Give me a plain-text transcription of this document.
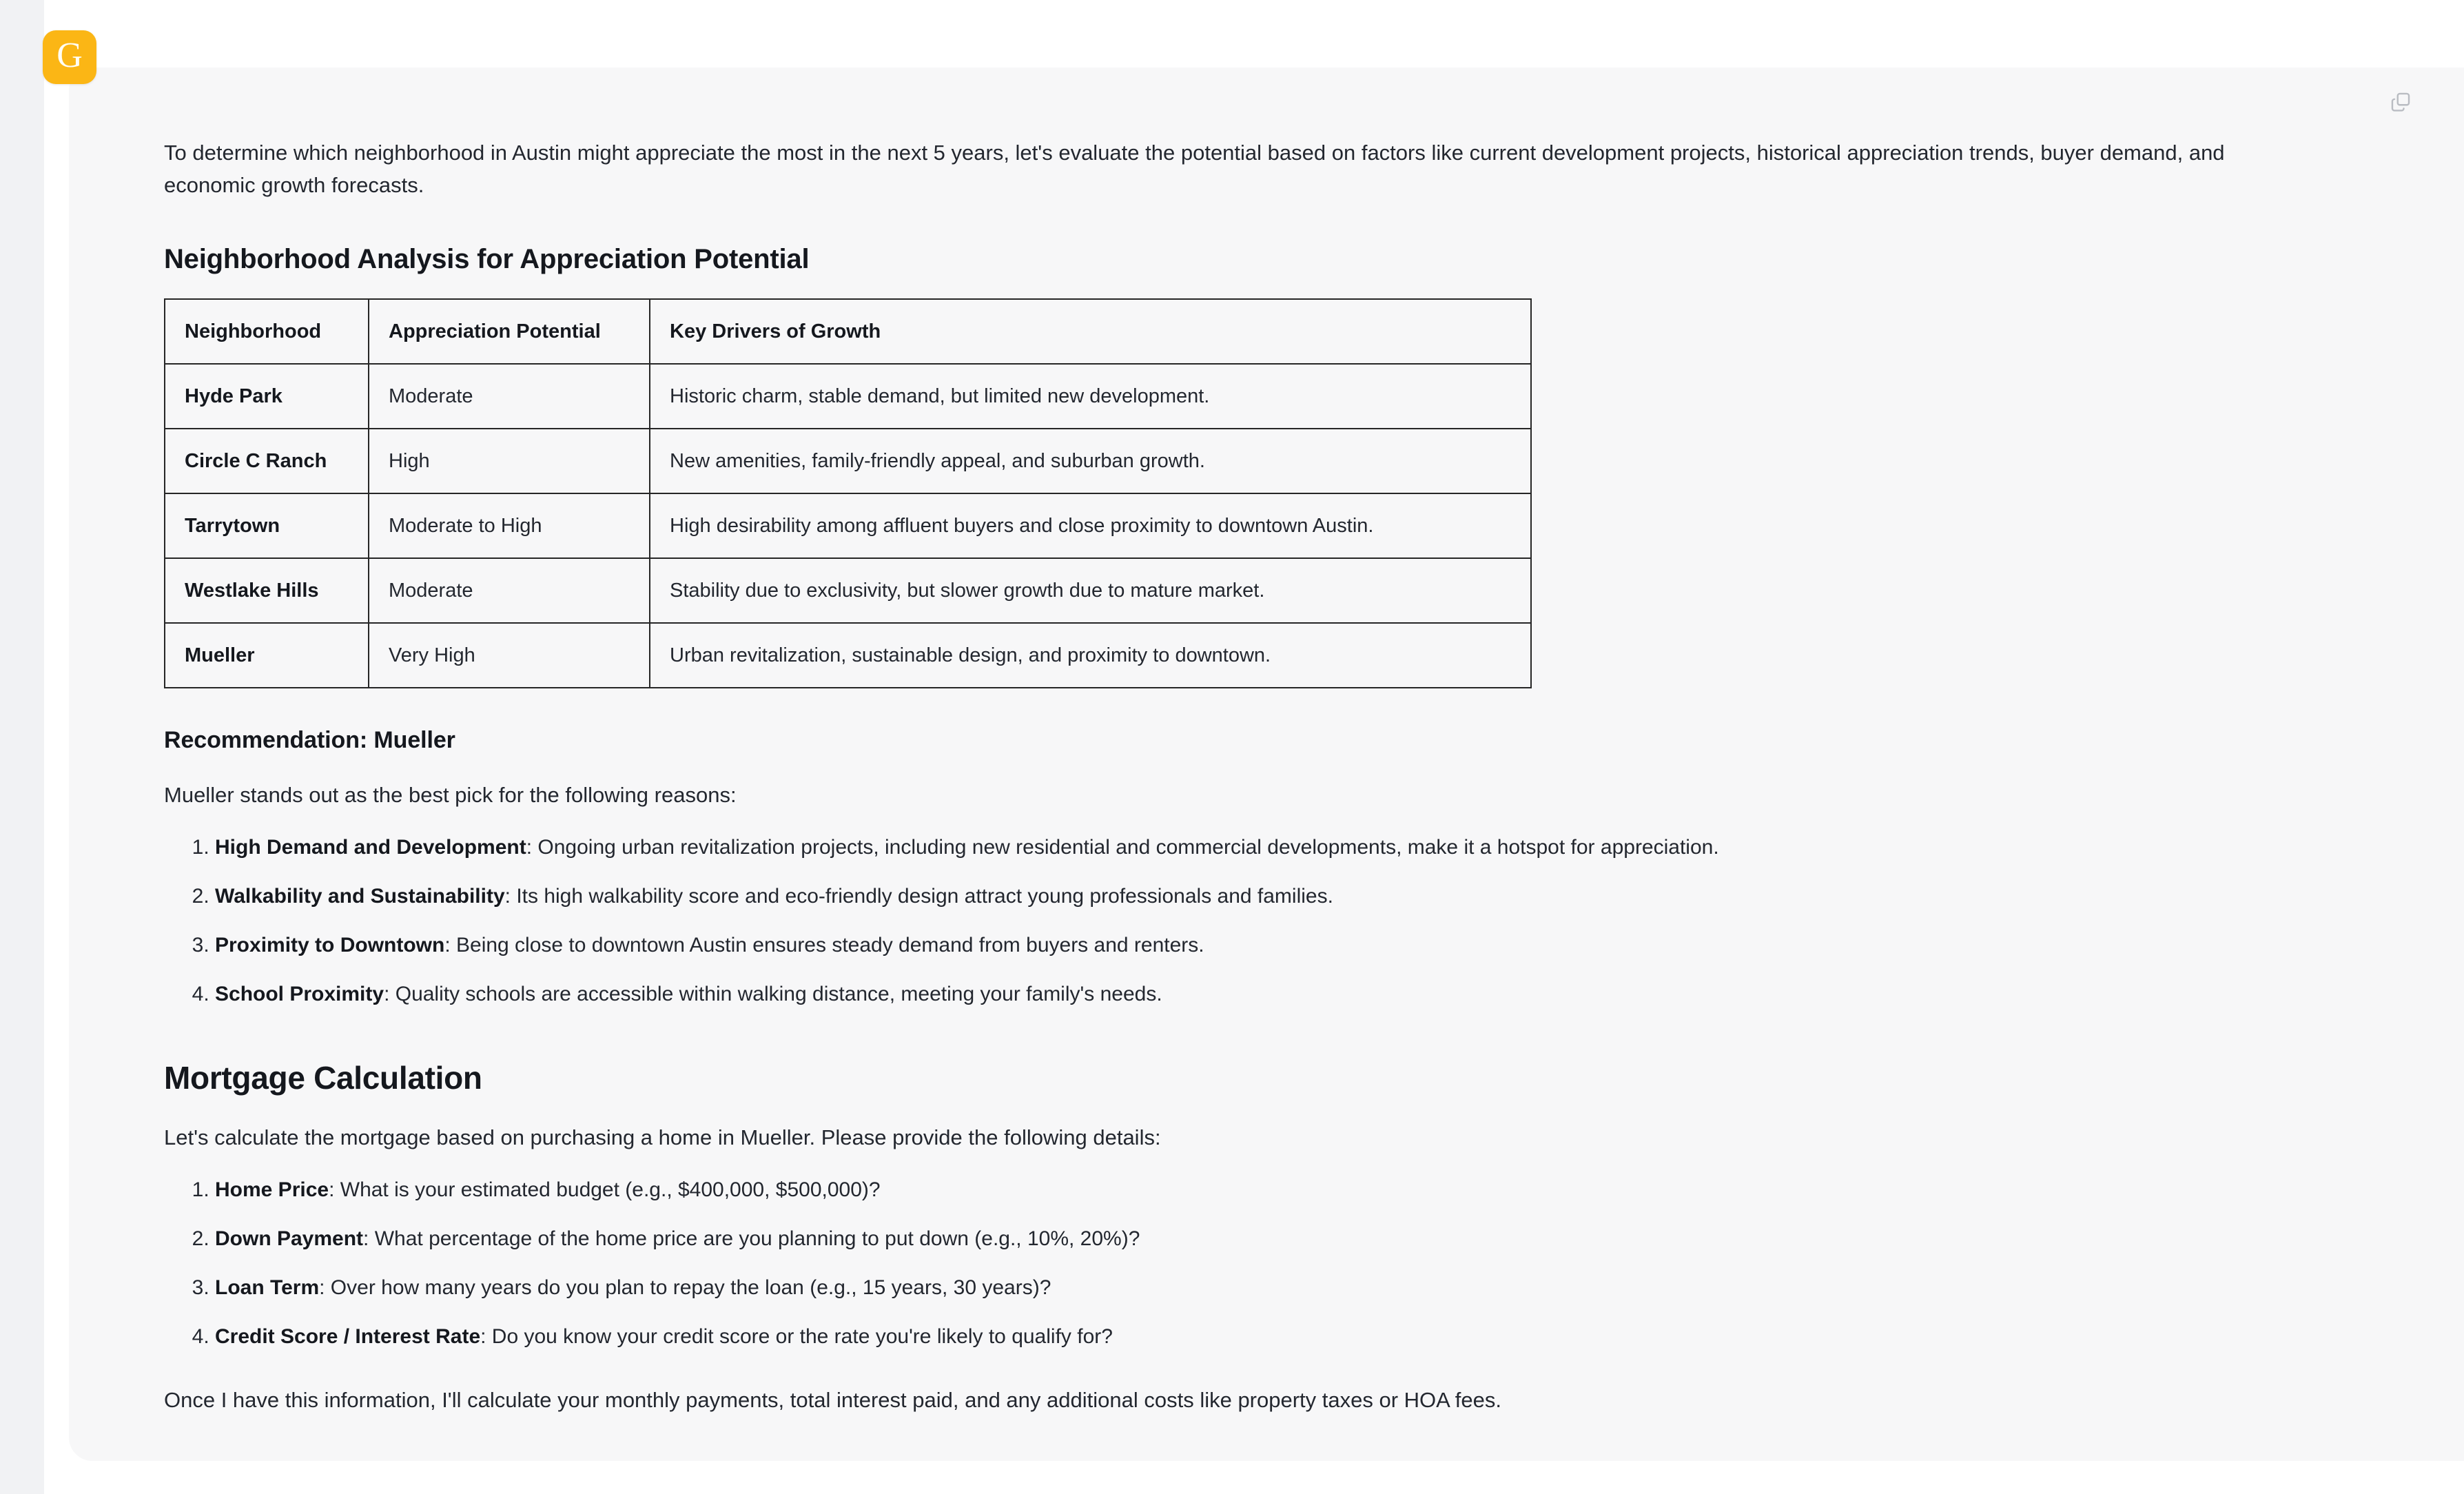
G

To determine which neighborhood in Austin might appreciate the most in the next 5 years, let's evaluate the potential based on factors like current development projects, historical appreciation trends, buyer demand, and economic growth forecasts.

Neighborhood Analysis for Appreciation Potential
Neighborhood	Appreciation Potential	Key Drivers of Growth
Hyde Park	Moderate	Historic charm, stable demand, but limited new development.
Circle C Ranch	High	New amenities, family-friendly appeal, and suburban growth.
Tarrytown	Moderate to High	High desirability among affluent buyers and close proximity to downtown Austin.
Westlake Hills	Moderate	Stability due to exclusivity, but slower growth due to mature market.
Mueller	Very High	Urban revitalization, sustainable design, and proximity to downtown.
Recommendation: Mueller

Mueller stands out as the best pick for the following reasons:

1. High Demand and Development: Ongoing urban revitalization projects, including new residential and commercial developments, make it a hotspot for appreciation.
2. Walkability and Sustainability: Its high walkability score and eco-friendly design attract young professionals and families.
3. Proximity to Downtown: Being close to downtown Austin ensures steady demand from buyers and renters.
4. School Proximity: Quality schools are accessible within walking distance, meeting your family's needs.
Mortgage Calculation

Let's calculate the mortgage based on purchasing a home in Mueller. Please provide the following details:

1. Home Price: What is your estimated budget (e.g., $400,000, $500,000)?
2. Down Payment: What percentage of the home price are you planning to put down (e.g., 10%, 20%)?
3. Loan Term: Over how many years do you plan to repay the loan (e.g., 15 years, 30 years)?
4. Credit Score / Interest Rate: Do you know your credit score or the rate you're likely to qualify for?

Once I have this information, I'll calculate your monthly payments, total interest paid, and any additional costs like property taxes or HOA fees.
